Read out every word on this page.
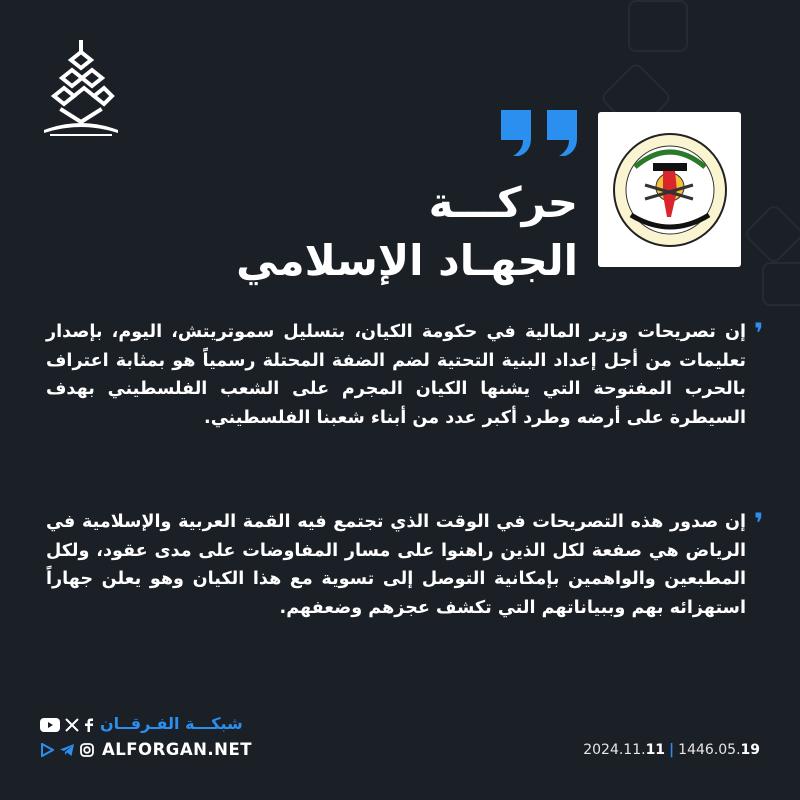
حركـــة
الجهـاد الإسلامي
❜
إن تصريحات وزير المالية في حكومة الكيان، بتسليل سموتريتش، اليوم، بإصدار تعليمات من أجل إعداد البنية التحتية لضم الضفة المحتلة رسمياً هو بمثابة اعتراف بالحرب المفتوحة التي يشنها الكيان المجرم على الشعب الفلسطيني بهدف السيطرة على أرضه وطرد أكبر عدد من أبناء شعبنا الفلسطيني.
❜
إن صدور هذه التصريحات في الوقت الذي تجتمع فيه القمة العربية والإسلامية في الرياض هي صفعة لكل الذين راهنوا على مسار المفاوضات على مدى عقود، ولكل المطبعين والواهمين بإمكانية التوصل إلى تسوية مع هذا الكيان وهو يعلن جهاراً استهزائه بهم وببياناتهم التي تكشف عجزهم وضعفهم.
شبكـــة الفـرقــان
ALFORGAN.NET	2024.11.11 | 1446.05.19
